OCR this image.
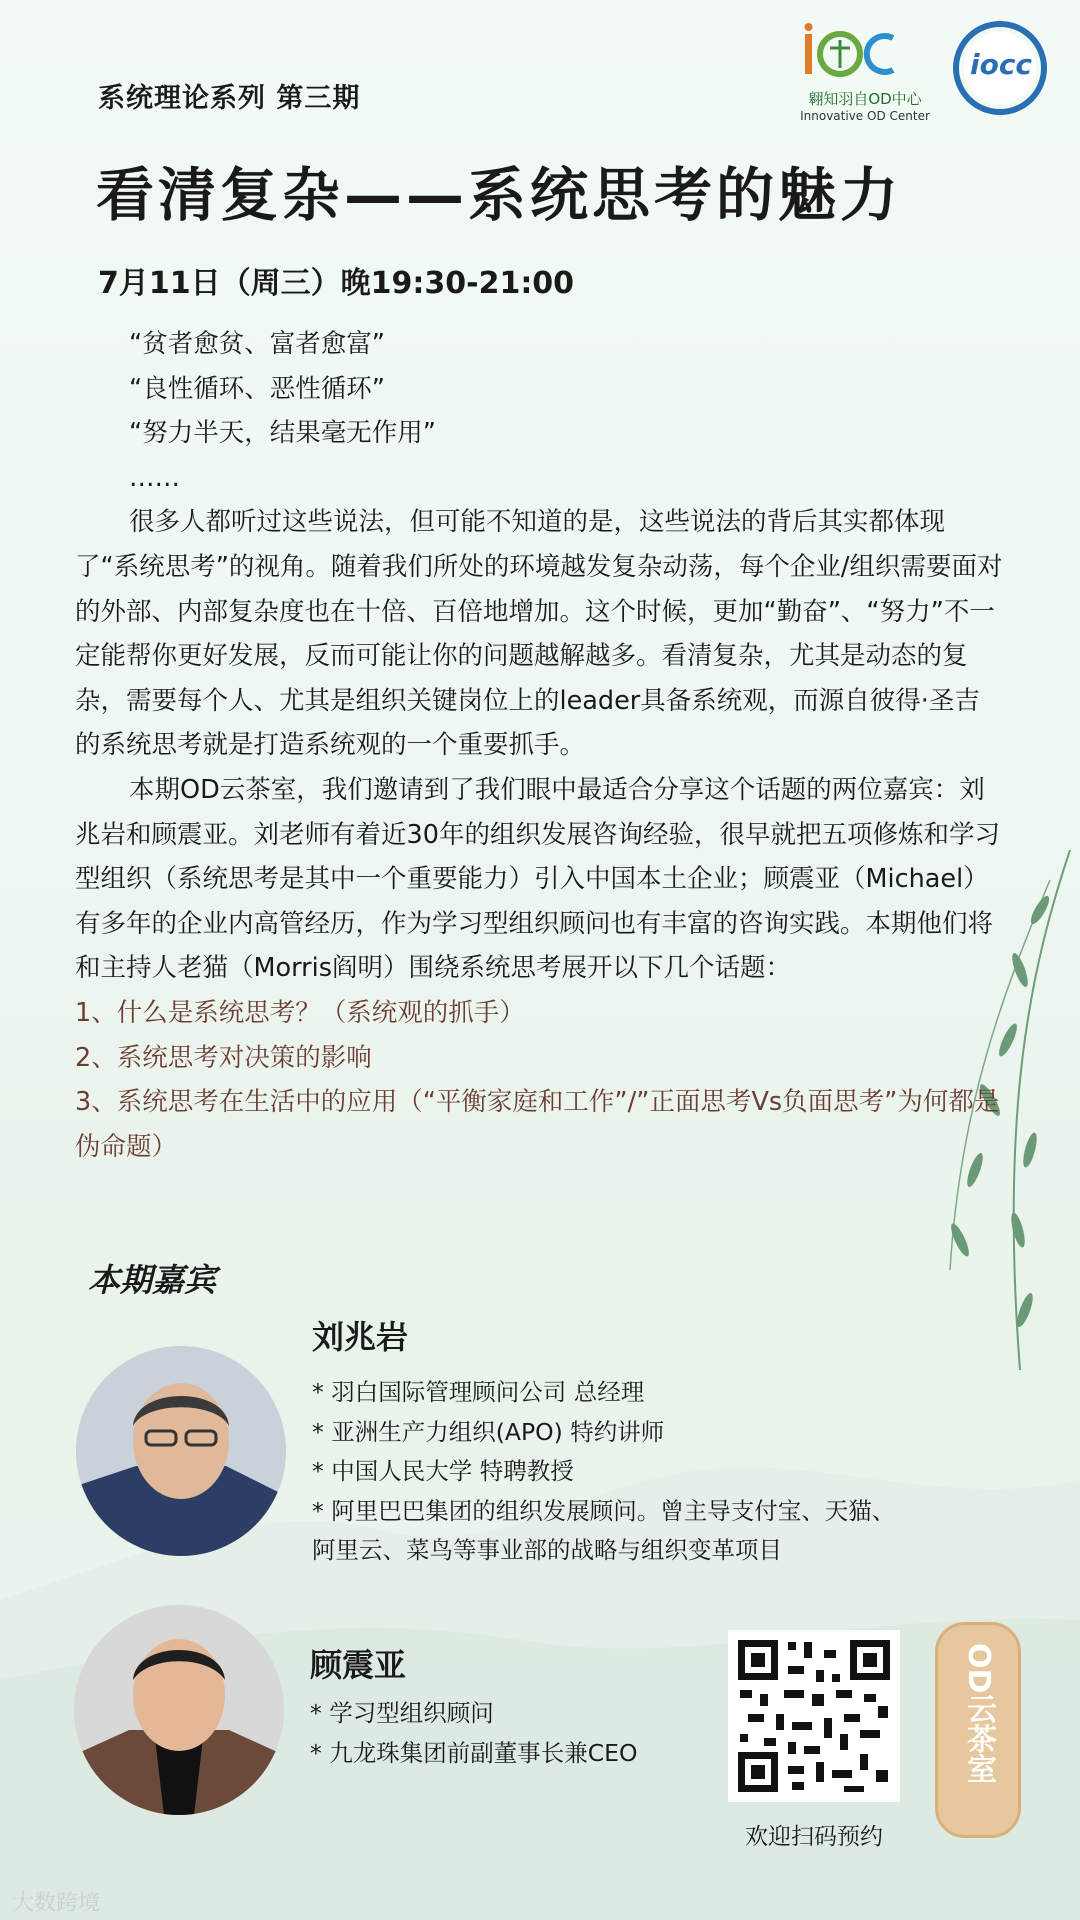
翱知羽自OD中心
Innovative OD Center
iocc
系统理论系列 第三期
看清复杂——系统思考的魅力
7月11日（周三）晚19:30-21:00

“贫者愈贫、富者愈富”

“良性循环、恶性循环”

“努力半天，结果毫无作用”

……

很多人都听过这些说法，但可能不知道的是，这些说法的背后其实都体现了“系统思考”的视角。随着我们所处的环境越发复杂动荡，每个企业/组织需要面对的外部、内部复杂度也在十倍、百倍地增加。这个时候，更加“勤奋”、“努力”不一定能帮你更好发展，反而可能让你的问题越解越多。看清复杂，尤其是动态的复杂，需要每个人、尤其是组织关键岗位上的leader具备系统观，而源自彼得·圣吉的系统思考就是打造系统观的一个重要抓手。

本期OD云茶室，我们邀请到了我们眼中最适合分享这个话题的两位嘉宾：刘兆岩和顾震亚。刘老师有着近30年的组织发展咨询经验，很早就把五项修炼和学习型组织（系统思考是其中一个重要能力）引入中国本土企业；顾震亚（Michael）有多年的企业内高管经历，作为学习型组织顾问也有丰富的咨询实践。本期他们将和主持人老猫（Morris阎明）围绕系统思考展开以下几个话题：

1、什么是系统思考？（系统观的抓手）

2、系统思考对决策的影响

3、系统思考在生活中的应用（“平衡家庭和工作”/”正面思考Vs负面思考”为何都是伪命题）

本期嘉宾
刘兆岩
* 羽白国际管理顾问公司 总经理
* 亚洲生产力组织(APO) 特约讲师
* 中国人民大学 特聘教授
* 阿里巴巴集团的组织发展顾问。曾主导支付宝、天猫、
阿里云、菜鸟等事业部的战略与组织变革项目
顾震亚
* 学习型组织顾问
* 九龙珠集团前副董事长兼CEO
欢迎扫码预约
OD云茶室
大数跨境
